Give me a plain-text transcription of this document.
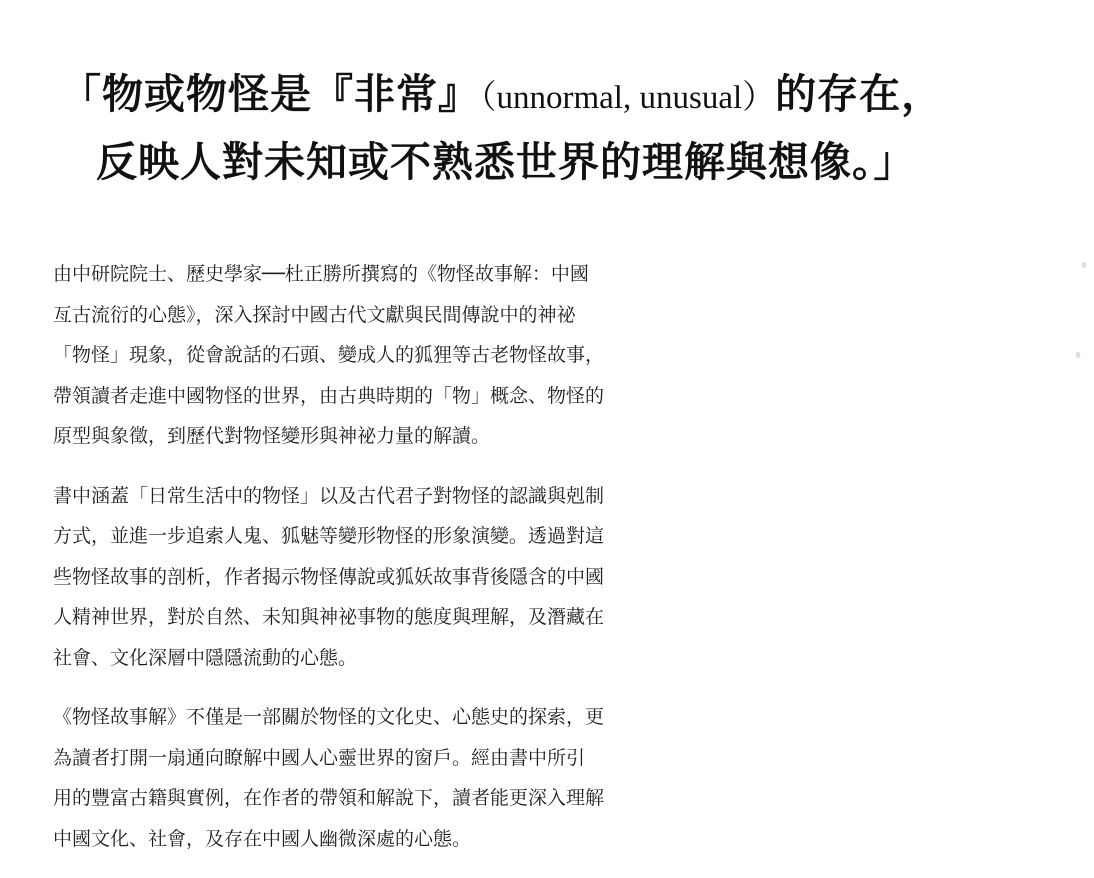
「物或物怪是『非常』（unnormal, unusual）的存在，
反映人對未知或不熟悉世界的理解與想像。」

由中研院院士、歷史學家──杜正勝所撰寫的《物怪故事解：中國
亙古流衍的心態》，深入探討中國古代文獻與民間傳說中的神祕
「物怪」現象，從會說話的石頭、變成人的狐狸等古老物怪故事，
帶領讀者走進中國物怪的世界，由古典時期的「物」概念、物怪的
原型與象徵，到歷代對物怪變形與神祕力量的解讀。

書中涵蓋「日常生活中的物怪」以及古代君子對物怪的認識與剋制
方式，並進一步追索人鬼、狐魅等變形物怪的形象演變。透過對這
些物怪故事的剖析，作者揭示物怪傳說或狐妖故事背後隱含的中國
人精神世界，對於自然、未知與神祕事物的態度與理解，及潛藏在
社會、文化深層中隱隱流動的心態。

《物怪故事解》不僅是一部關於物怪的文化史、心態史的探索，更
為讀者打開一扇通向瞭解中國人心靈世界的窗戶。經由書中所引
用的豐富古籍與實例，在作者的帶領和解說下，讀者能更深入理解
中國文化、社會，及存在中國人幽微深處的心態。
